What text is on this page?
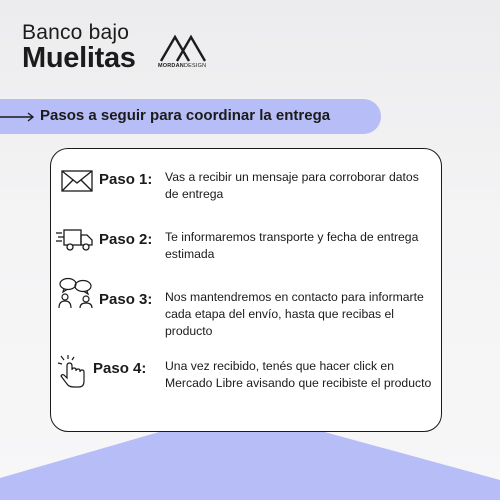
Banco bajo
Muelitas	MORDANDESIGN
Pasos a seguir para coordinar la entrega
Paso 1: Vas a recibir un mensaje para corroborar datos de entrega
Paso 2: Te informaremos transporte y fecha de entrega estimada
Paso 3: Nos mantendremos en contacto para informarte cada etapa del envío, hasta que recibas el producto
Paso 4: Una vez recibido, tenés que hacer click en Mercado Libre avisando que recibiste el producto
